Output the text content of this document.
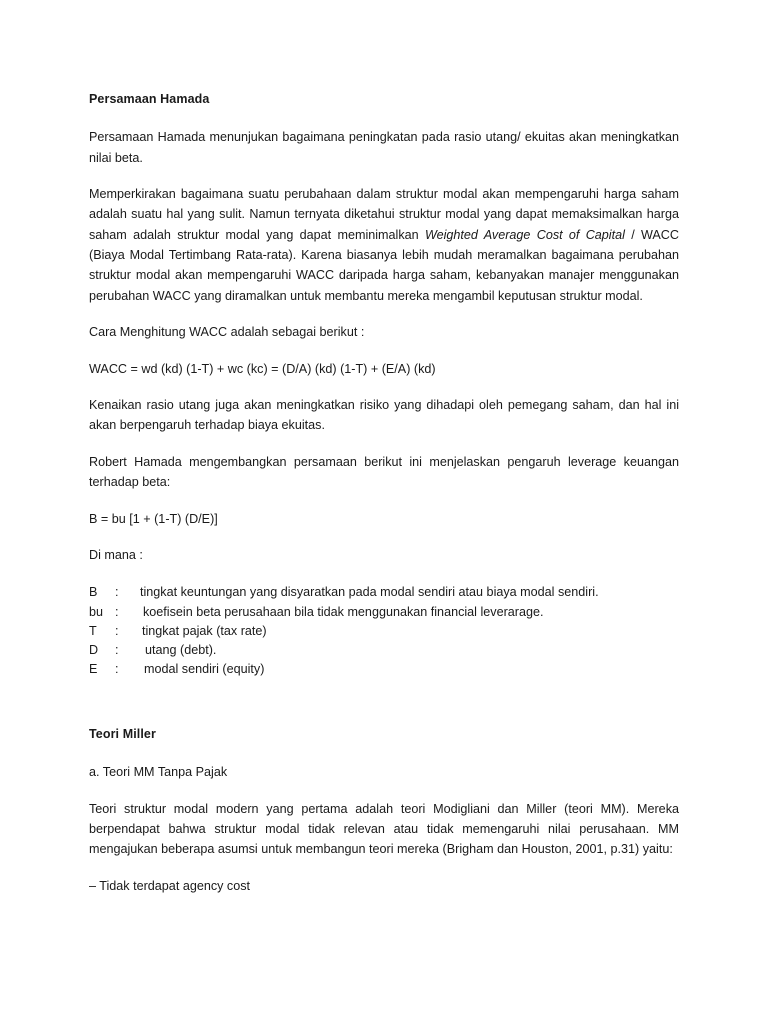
Persamaan Hamada

Persamaan Hamada menunjukan bagaimana peningkatan pada rasio utang/ ekuitas akan meningkatkan nilai beta.

Memperkirakan bagaimana suatu perubahaan dalam struktur modal akan mempengaruhi harga saham adalah suatu hal yang sulit. Namun ternyata diketahui struktur modal yang dapat memaksimalkan harga saham adalah struktur modal yang dapat meminimalkan Weighted Average Cost of Capital / WACC (Biaya Modal Tertimbang Rata-rata). Karena biasanya lebih mudah meramalkan bagaimana perubahan struktur modal akan mempengaruhi WACC daripada harga saham, kebanyakan manajer menggunakan perubahan WACC yang diramalkan untuk membantu mereka mengambil keputusan struktur modal.

Cara Menghitung WACC adalah sebagai berikut :

WACC = wd (kd) (1-T) + wc (kc) = (D/A) (kd) (1-T) + (E/A) (kd)

Kenaikan rasio utang juga akan meningkatkan risiko yang dihadapi oleh pemegang saham, dan hal ini akan berpengaruh terhadap biaya ekuitas.

Robert Hamada mengembangkan persamaan berikut ini menjelaskan pengaruh leverage keuangan terhadap beta:

B = bu [1 + (1-T) (D/E)]

Di mana :

B	:	tingkat keuntungan yang disyaratkan pada modal sendiri atau biaya modal sendiri.
bu	:	koefisein beta perusahaan bila tidak menggunakan financial leverarage.
T	:	tingkat pajak (tax rate)
D	:	utang (debt).
E	:	modal sendiri (equity)

Teori Miller

a. Teori MM Tanpa Pajak

Teori struktur modal modern yang pertama adalah teori Modigliani dan Miller (teori MM). Mereka berpendapat bahwa struktur modal tidak relevan atau tidak memengaruhi nilai perusahaan. MM mengajukan beberapa asumsi untuk membangun teori mereka (Brigham dan Houston, 2001, p.31) yaitu:

– Tidak terdapat agency cost
